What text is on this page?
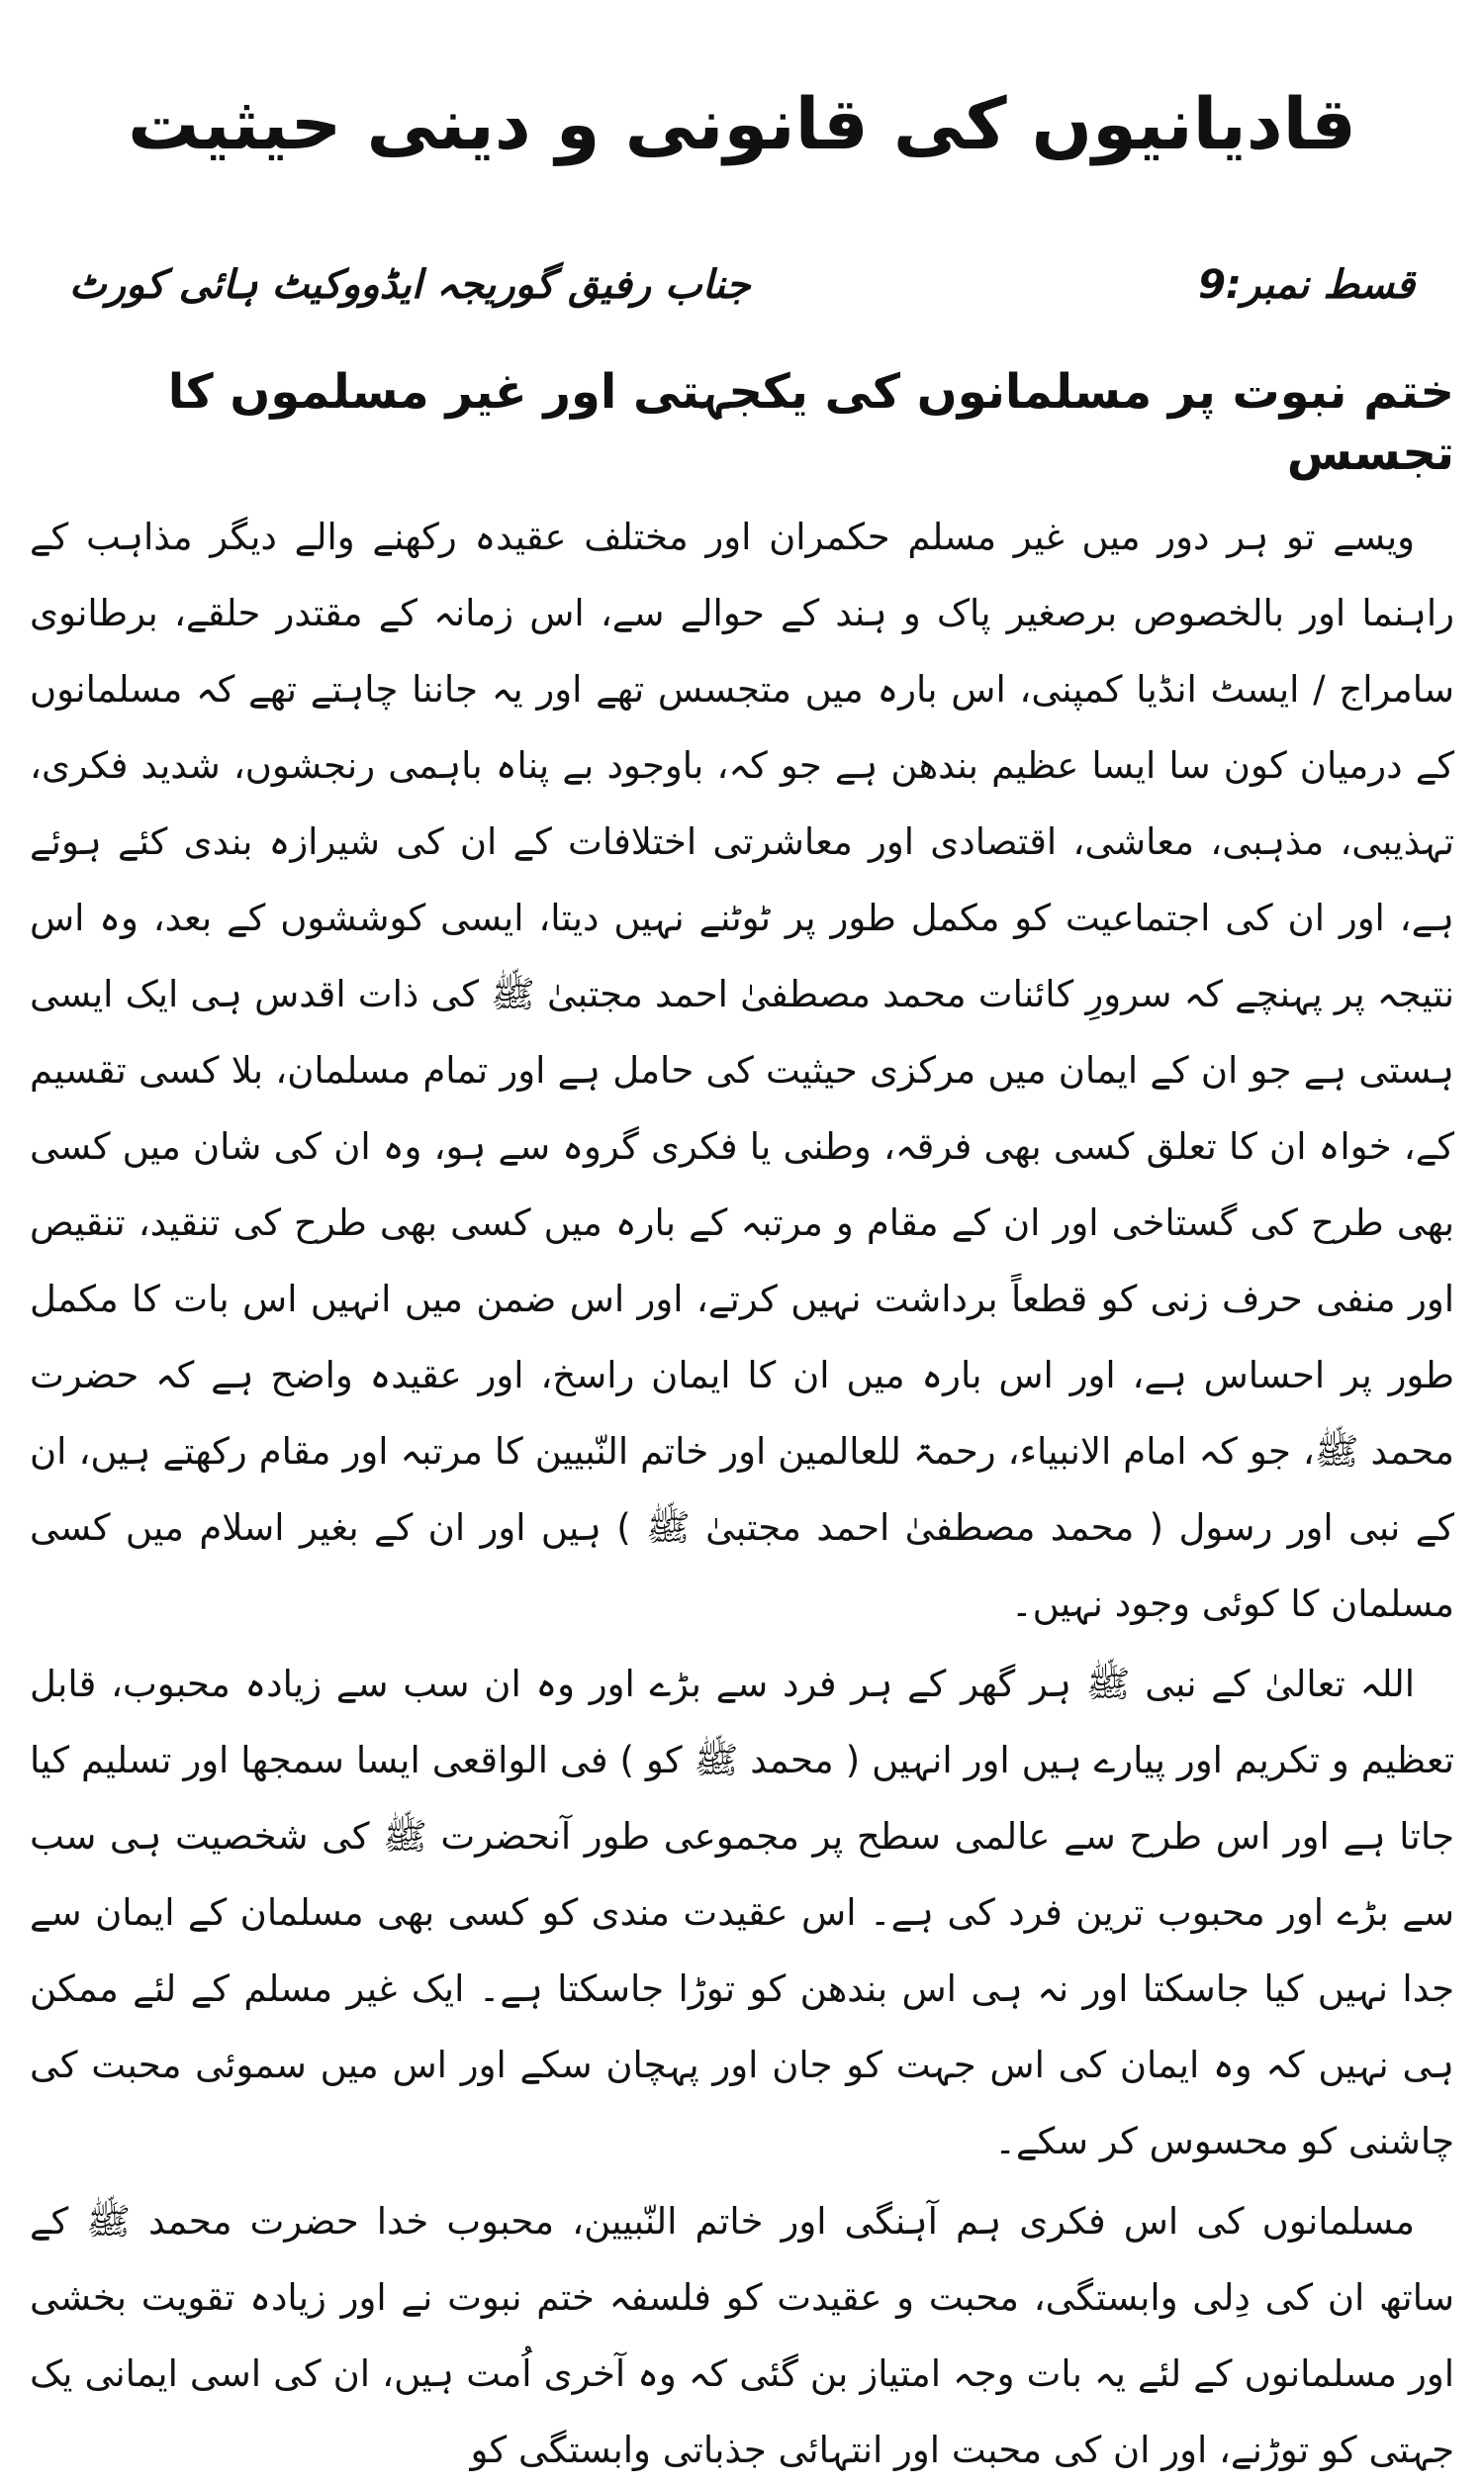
قادیانیوں کی قانونی و دینی حیثیت
قسط نمبر:9
جناب رفیق گوریجہ ایڈووکیٹ ہائی کورٹ
ختم نبوت پر مسلمانوں کی یکجہتی اور غیر مسلموں کا تجسس

ویسے تو ہر دور میں غیر مسلم حکمران اور مختلف عقیدہ رکھنے والے دیگر مذاہب کے راہنما اور بالخصوص برصغیر پاک و ہند کے حوالے سے، اس زمانہ کے مقتدر حلقے، برطانوی سامراج / ایسٹ انڈیا کمپنی، اس بارہ میں متجسس تھے اور یہ جاننا چاہتے تھے کہ مسلمانوں کے درمیان کون سا ایسا عظیم بندھن ہے جو کہ، باوجود بے پناہ باہمی رنجشوں، شدید فکری، تہذیبی، مذہبی، معاشی، اقتصادی اور معاشرتی اختلافات کے ان کی شیرازہ بندی کئے ہوئے ہے، اور ان کی اجتماعیت کو مکمل طور پر ٹوٹنے نہیں دیتا، ایسی کوششوں کے بعد، وہ اس نتیجہ پر پہنچے کہ سرورِ کائنات محمد مصطفیٰ احمد مجتبیٰ ﷺ کی ذات اقدس ہی ایک ایسی ہستی ہے جو ان کے ایمان میں مرکزی حیثیت کی حامل ہے اور تمام مسلمان، بلا کسی تقسیم کے، خواہ ان کا تعلق کسی بھی فرقہ، وطنی یا فکری گروہ سے ہو، وہ ان کی شان میں کسی بھی طرح کی گستاخی اور ان کے مقام و مرتبہ کے بارہ میں کسی بھی طرح کی تنقید، تنقیص اور منفی حرف زنی کو قطعاً برداشت نہیں کرتے، اور اس ضمن میں انہیں اس بات کا مکمل طور پر احساس ہے، اور اس بارہ میں ان کا ایمان راسخ، اور عقیدہ واضح ہے کہ حضرت محمد ﷺ، جو کہ امام الانبیاء، رحمۃ للعالمین اور خاتم النّبیین کا مرتبہ اور مقام رکھتے ہیں، ان کے نبی اور رسول ( محمد مصطفیٰ احمد مجتبیٰ ﷺ ) ہیں اور ان کے بغیر اسلام میں کسی مسلمان کا کوئی وجود نہیں۔

اللہ تعالیٰ کے نبی ﷺ ہر گھر کے ہر فرد سے بڑے اور وہ ان سب سے زیادہ محبوب، قابل تعظیم و تکریم اور پیارے ہیں اور انہیں ( محمد ﷺ کو ) فی الواقعی ایسا سمجھا اور تسلیم کیا جاتا ہے اور اس طرح سے عالمی سطح پر مجموعی طور آنحضرت ﷺ کی شخصیت ہی سب سے بڑے اور محبوب ترین فرد کی ہے۔ اس عقیدت مندی کو کسی بھی مسلمان کے ایمان سے جدا نہیں کیا جاسکتا اور نہ ہی اس بندھن کو توڑا جاسکتا ہے۔ ایک غیر مسلم کے لئے ممکن ہی نہیں کہ وہ ایمان کی اس جہت کو جان اور پہچان سکے اور اس میں سموئی محبت کی چاشنی کو محسوس کر سکے۔

مسلمانوں کی اس فکری ہم آہنگی اور خاتم النّبیین، محبوب خدا حضرت محمد ﷺ کے ساتھ ان کی دِلی وابستگی، محبت و عقیدت کو فلسفہ ختم نبوت نے اور زیادہ تقویت بخشی اور مسلمانوں کے لئے یہ بات وجہ امتیاز بن گئی کہ وہ آخری اُمت ہیں، ان کی اسی ایمانی یک جہتی کو توڑنے، اور ان کی محبت اور انتہائی جذباتی وابستگی کو
